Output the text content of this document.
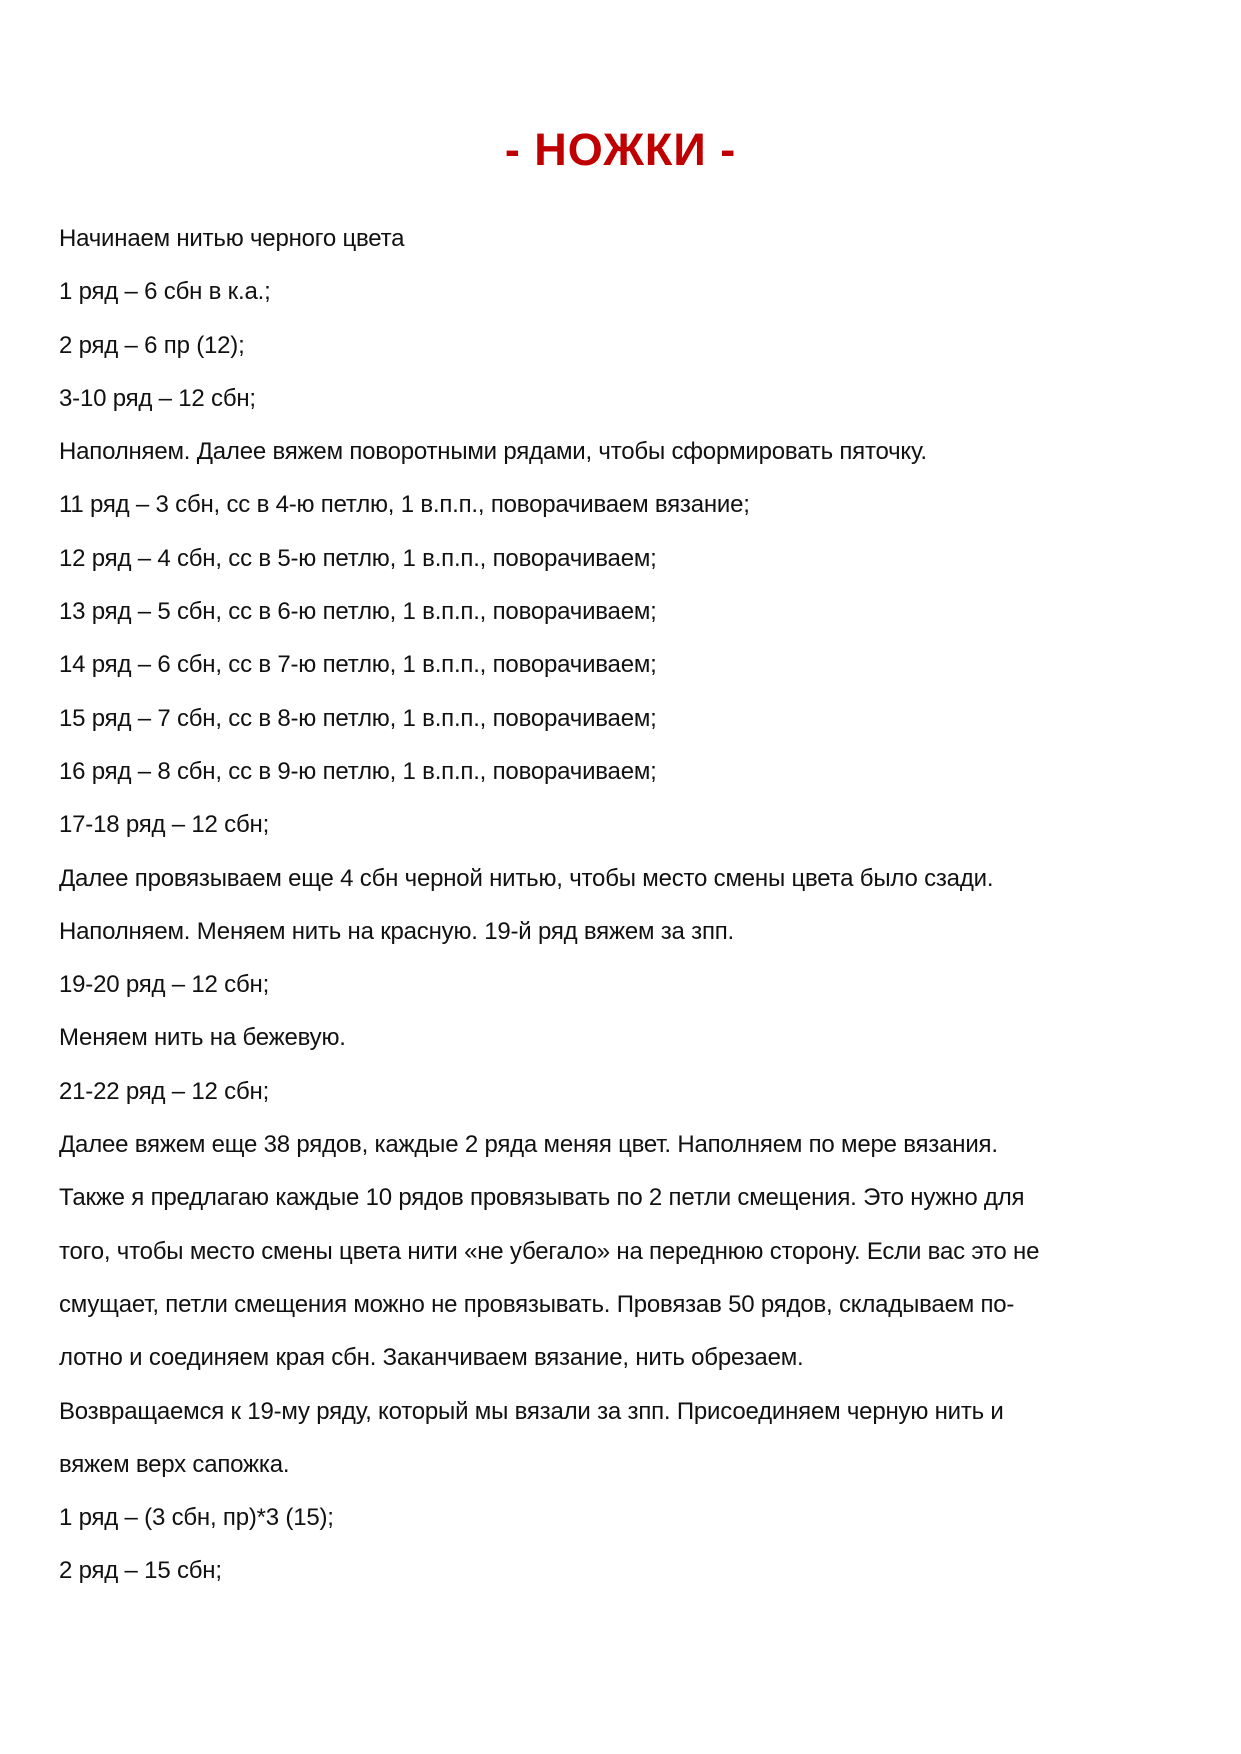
- НОЖКИ -
Начинаем нитью черного цвета
1 ряд – 6 сбн в к.а.;
2 ряд – 6 пр (12);
3-10 ряд – 12 сбн;
Наполняем. Далее вяжем поворотными рядами, чтобы сформировать пяточку.
11 ряд – 3 сбн, сс в 4-ю петлю, 1 в.п.п., поворачиваем вязание;
12 ряд – 4 сбн, сс в 5-ю петлю, 1 в.п.п., поворачиваем;
13 ряд – 5 сбн, сс в 6-ю петлю, 1 в.п.п., поворачиваем;
14 ряд – 6 сбн, сс в 7-ю петлю, 1 в.п.п., поворачиваем;
15 ряд – 7 сбн, сс в 8-ю петлю, 1 в.п.п., поворачиваем;
16 ряд – 8 сбн, сс в 9-ю петлю, 1 в.п.п., поворачиваем;
17-18 ряд – 12 сбн;
Далее провязываем еще 4 сбн черной нитью, чтобы место смены цвета было сзади.
Наполняем. Меняем нить на красную. 19-й ряд вяжем за зпп.
19-20 ряд – 12 сбн;
Меняем нить на бежевую.
21-22 ряд – 12 сбн;
Далее вяжем еще 38 рядов, каждые 2 ряда меняя цвет. Наполняем по мере вязания.
Также я предлагаю каждые 10 рядов провязывать по 2 петли смещения. Это нужно для
того, чтобы место смены цвета нити «не убегало» на переднюю сторону. Если вас это не
смущает, петли смещения можно не провязывать. Провязав 50 рядов, складываем по-
лотно и соединяем края сбн. Заканчиваем вязание, нить обрезаем.
Возвращаемся к 19-му ряду, который мы вязали за зпп. Присоединяем черную нить и
вяжем верх сапожка.
1 ряд – (3 сбн, пр)*3 (15);
2 ряд – 15 сбн;
